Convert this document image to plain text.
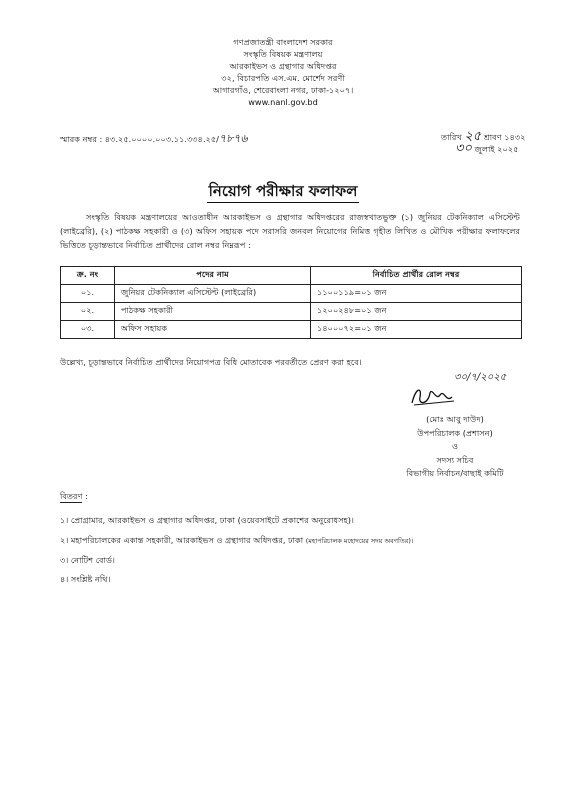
গণপ্রজাতন্ত্রী বাংলাদেশ সরকার
সংস্কৃতি বিষয়ক মন্ত্রণালয়
আরকাইভস ও গ্রন্থাগার অধিদপ্তর
৩২, বিচারপতি এস.এম. মোর্শেদ সরণী
আগারগাঁও, শেরেবাংলা নগর, ঢাকা-১২০৭।
www.nanl.gov.bd
স্মারক নম্বর : ৪৩.২৫.০০০০.০০৩.১১.৩৩৪.২৫/৭৮৭৬	তারিখ ২৫ শ্রাবণ ১৪৩২
৩০ জুলাই ২০২৫
নিয়োগ পরীক্ষার ফলাফল
সংস্কৃতি বিষয়ক মন্ত্রণালয়ের আওতাধীন আরকাইভস ও গ্রন্থাগার অধিদপ্তরের রাজস্বখাতভুক্ত (১) জুনিয়র টেকনিক্যাল এসিস্টেন্ট (লাইব্রেরি), (২) পাঠকক্ষ সহকারী ও (৩) অফিস সহায়ক পদে সরাসরি জনবল নিয়োগের নিমিত্ত গৃহীত লিখিত ও মৌখিক পরীক্ষার ফলাফলের ভিত্তিতে চূড়ান্তভাবে নির্বাচিত প্রার্থীদের রোল নম্বর নিম্নরূপ :
ক্র. নং	পদের নাম	নির্বাচিত প্রার্থীর রোল নম্বর
০১.	জুনিয়র টেকনিক্যাল এসিস্টেন্ট (লাইব্রেরি)	১১০০১১৯=০১ জন
০২.	পাঠকক্ষ সহকারী	১২০০২৪৮=০১ জন
০৩.	অফিস সহায়ক	১৪০০০৭২=০১ জন
উল্লেখ্য, চূড়ান্তভাবে নির্বাচিত প্রার্থীদের নিয়োগপত্র বিধি মোতাবেক পরবর্তীতে প্রেরণ করা হবে।
৩০/৭/২০২৫
(মোঃ আবু দাউদ)
উপপরিচালক (প্রশাসন)
ও
সদস্য সচিব
বিভাগীয় নির্বাচন/বাছাই কমিটি
বিতরণ :
১। প্রোগ্রামার, আরকাইভস ও গ্রন্থাগার অধিদপ্তর, ঢাকা (ওয়েবসাইটে প্রকাশের অনুরোধসহ)।
২। মহাপরিচালকের একান্ত সহকারী, আরকাইভস ও গ্রন্থাগার অধিদপ্তর, ঢাকা (মহাপরিচালক মহোদয়ের সদয় অবগতির)।
৩। নোটিশ বোর্ড।
৪। সংশ্লিষ্ট নথি।
